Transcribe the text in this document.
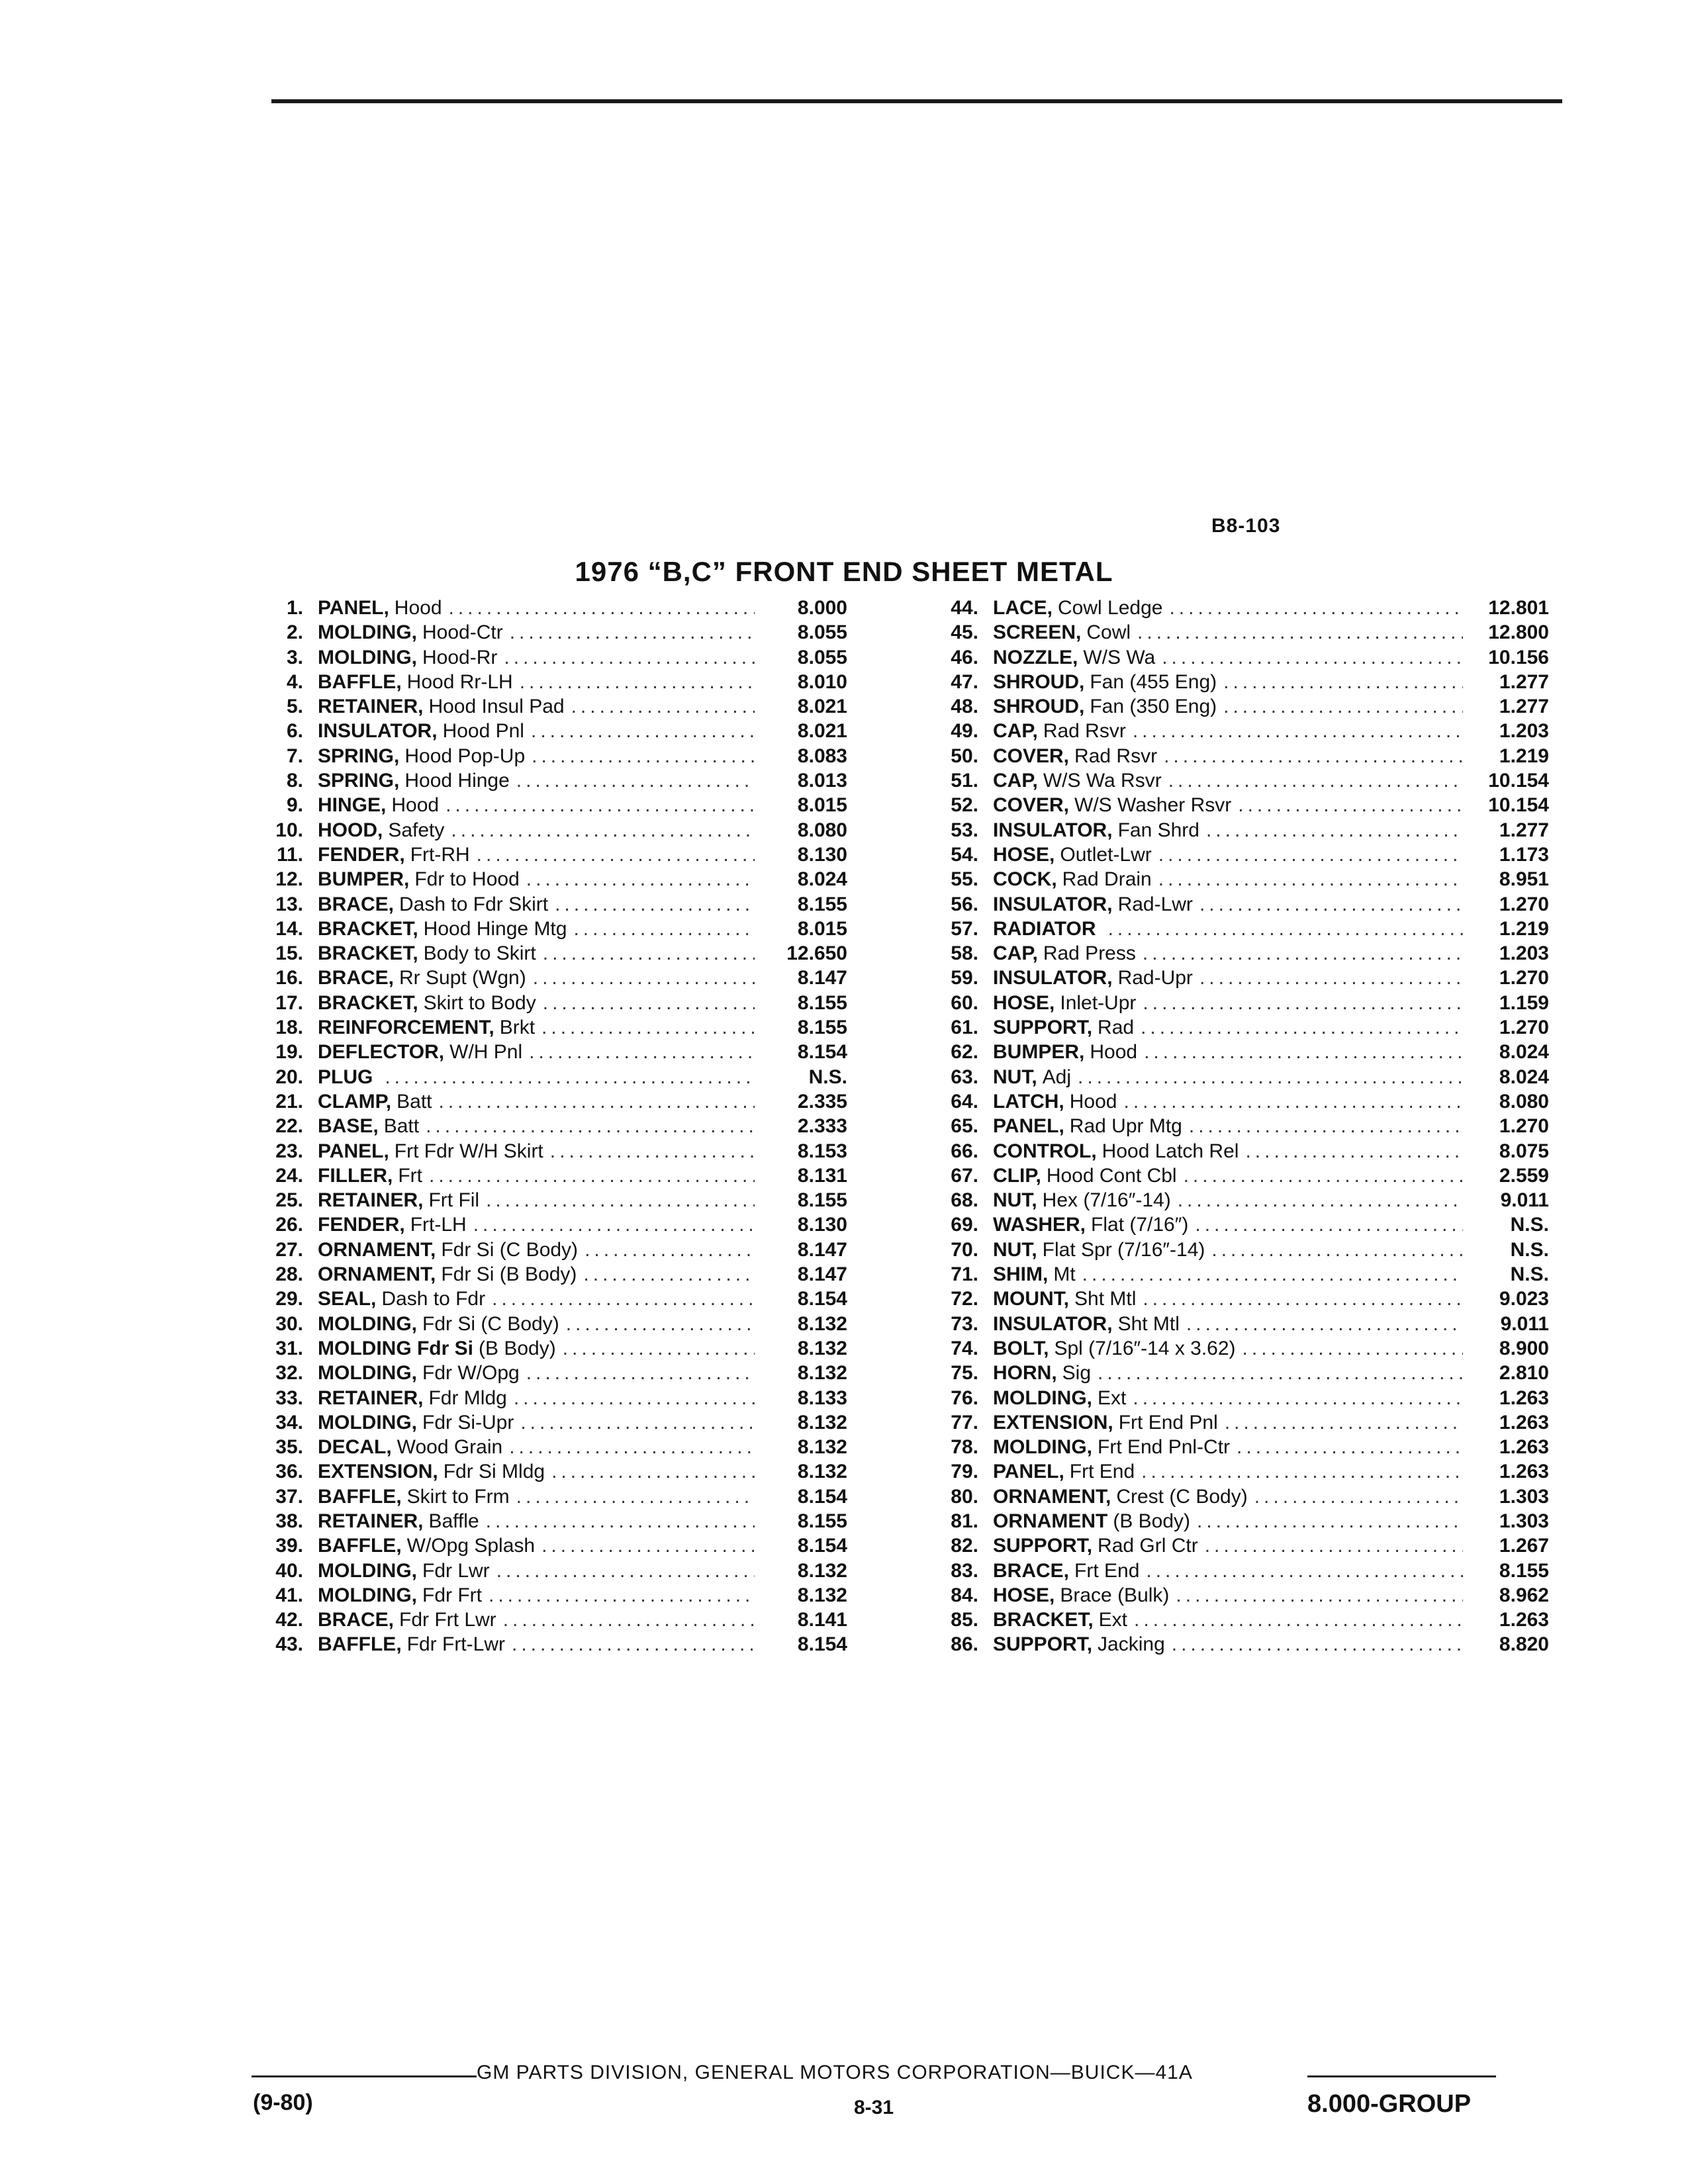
B8-103
1976 “B,C” FRONT END SHEET METAL
1. PANEL, Hood .....	8.000
2. MOLDING, Hood-Ctr .....	8.055
3. MOLDING, Hood-Rr .....	8.055
4. BAFFLE, Hood Rr-LH .....	8.010
5. RETAINER, Hood Insul Pad .....	8.021
6. INSULATOR, Hood Pnl .....	8.021
7. SPRING, Hood Pop-Up .....	8.083
8. SPRING, Hood Hinge .....	8.013
9. HINGE, Hood .....	8.015
10. HOOD, Safety .....	8.080
11. FENDER, Frt-RH .....	8.130
12. BUMPER, Fdr to Hood .....	8.024
13. BRACE, Dash to Fdr Skirt .....	8.155
14. BRACKET, Hood Hinge Mtg .....	8.015
15. BRACKET, Body to Skirt .....	12.650
16. BRACE, Rr Supt (Wgn) .....	8.147
17. BRACKET, Skirt to Body .....	8.155
18. REINFORCEMENT, Brkt .....	8.155
19. DEFLECTOR, W/H Pnl .....	8.154
20. PLUG .....	N.S.
21. CLAMP, Batt .....	2.335
22. BASE, Batt .....	2.333
23. PANEL, Frt Fdr W/H Skirt .....	8.153
24. FILLER, Frt .....	8.131
25. RETAINER, Frt Fil .....	8.155
26. FENDER, Frt-LH .....	8.130
27. ORNAMENT, Fdr Si (C Body) .....	8.147
28. ORNAMENT, Fdr Si (B Body) .....	8.147
29. SEAL, Dash to Fdr .....	8.154
30. MOLDING, Fdr Si (C Body) .....	8.132
31. MOLDING Fdr Si (B Body) .....	8.132
32. MOLDING, Fdr W/Opg .....	8.132
33. RETAINER, Fdr Mldg .....	8.133
34. MOLDING, Fdr Si-Upr .....	8.132
35. DECAL, Wood Grain .....	8.132
36. EXTENSION, Fdr Si Mldg .....	8.132
37. BAFFLE, Skirt to Frm .....	8.154
38. RETAINER, Baffle .....	8.155
39. BAFFLE, W/Opg Splash .....	8.154
40. MOLDING, Fdr Lwr .....	8.132
41. MOLDING, Fdr Frt .....	8.132
42. BRACE, Fdr Frt Lwr .....	8.141
43. BAFFLE, Fdr Frt-Lwr .....	8.154
44. LACE, Cowl Ledge .....	12.801
45. SCREEN, Cowl .....	12.800
46. NOZZLE, W/S Wa .....	10.156
47. SHROUD, Fan (455 Eng) .....	1.277
48. SHROUD, Fan (350 Eng) .....	1.277
49. CAP, Rad Rsvr .....	1.203
50. COVER, Rad Rsvr .....	1.219
51. CAP, W/S Wa Rsvr .....	10.154
52. COVER, W/S Washer Rsvr .....	10.154
53. INSULATOR, Fan Shrd .....	1.277
54. HOSE, Outlet-Lwr .....	1.173
55. COCK, Rad Drain .....	8.951
56. INSULATOR, Rad-Lwr .....	1.270
57. RADIATOR .....	1.219
58. CAP, Rad Press .....	1.203
59. INSULATOR, Rad-Upr .....	1.270
60. HOSE, Inlet-Upr .....	1.159
61. SUPPORT, Rad .....	1.270
62. BUMPER, Hood .....	8.024
63. NUT, Adj .....	8.024
64. LATCH, Hood .....	8.080
65. PANEL, Rad Upr Mtg .....	1.270
66. CONTROL, Hood Latch Rel .....	8.075
67. CLIP, Hood Cont Cbl .....	2.559
68. NUT, Hex (7/16″-14) .....	9.011
69. WASHER, Flat (7/16″) .....	N.S.
70. NUT, Flat Spr (7/16″-14) .....	N.S.
71. SHIM, Mt .....	N.S.
72. MOUNT, Sht Mtl .....	9.023
73. INSULATOR, Sht Mtl .....	9.011
74. BOLT, Spl (7/16″-14 x 3.62) .....	8.900
75. HORN, Sig .....	2.810
76. MOLDING, Ext .....	1.263
77. EXTENSION, Frt End Pnl .....	1.263
78. MOLDING, Frt End Pnl-Ctr .....	1.263
79. PANEL, Frt End .....	1.263
80. ORNAMENT, Crest (C Body) .....	1.303
81. ORNAMENT (B Body) .....	1.303
82. SUPPORT, Rad Grl Ctr .....	1.267
83. BRACE, Frt End .....	8.155
84. HOSE, Brace (Bulk) .....	8.962
85. BRACKET, Ext .....	1.263
86. SUPPORT, Jacking .....	8.820
GM PARTS DIVISION, GENERAL MOTORS CORPORATION—BUICK—41A
(9-80)	8-31	8.000-GROUP
